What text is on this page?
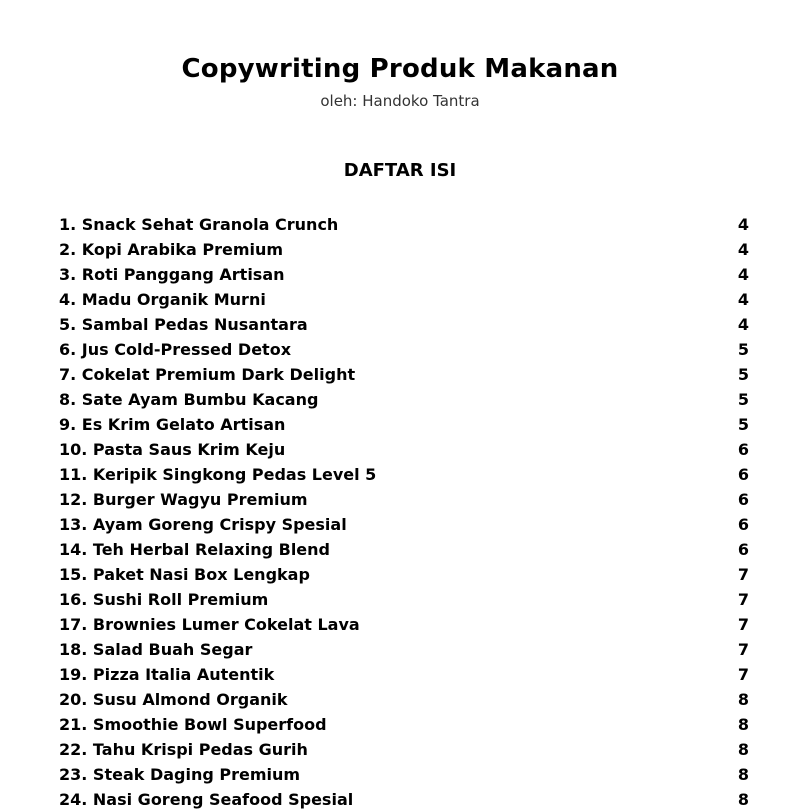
Copywriting Produk Makanan
oleh: Handoko Tantra
DAFTAR ISI
1. Snack Sehat Granola Crunch	4
2. Kopi Arabika Premium	4
3. Roti Panggang Artisan	4
4. Madu Organik Murni	4
5. Sambal Pedas Nusantara	4
6. Jus Cold-Pressed Detox	5
7. Cokelat Premium Dark Delight	5
8. Sate Ayam Bumbu Kacang	5
9. Es Krim Gelato Artisan	5
10. Pasta Saus Krim Keju	6
11. Keripik Singkong Pedas Level 5	6
12. Burger Wagyu Premium	6
13. Ayam Goreng Crispy Spesial	6
14. Teh Herbal Relaxing Blend	6
15. Paket Nasi Box Lengkap	7
16. Sushi Roll Premium	7
17. Brownies Lumer Cokelat Lava	7
18. Salad Buah Segar	7
19. Pizza Italia Autentik	7
20. Susu Almond Organik	8
21. Smoothie Bowl Superfood	8
22. Tahu Krispi Pedas Gurih	8
23. Steak Daging Premium	8
24. Nasi Goreng Seafood Spesial	8
